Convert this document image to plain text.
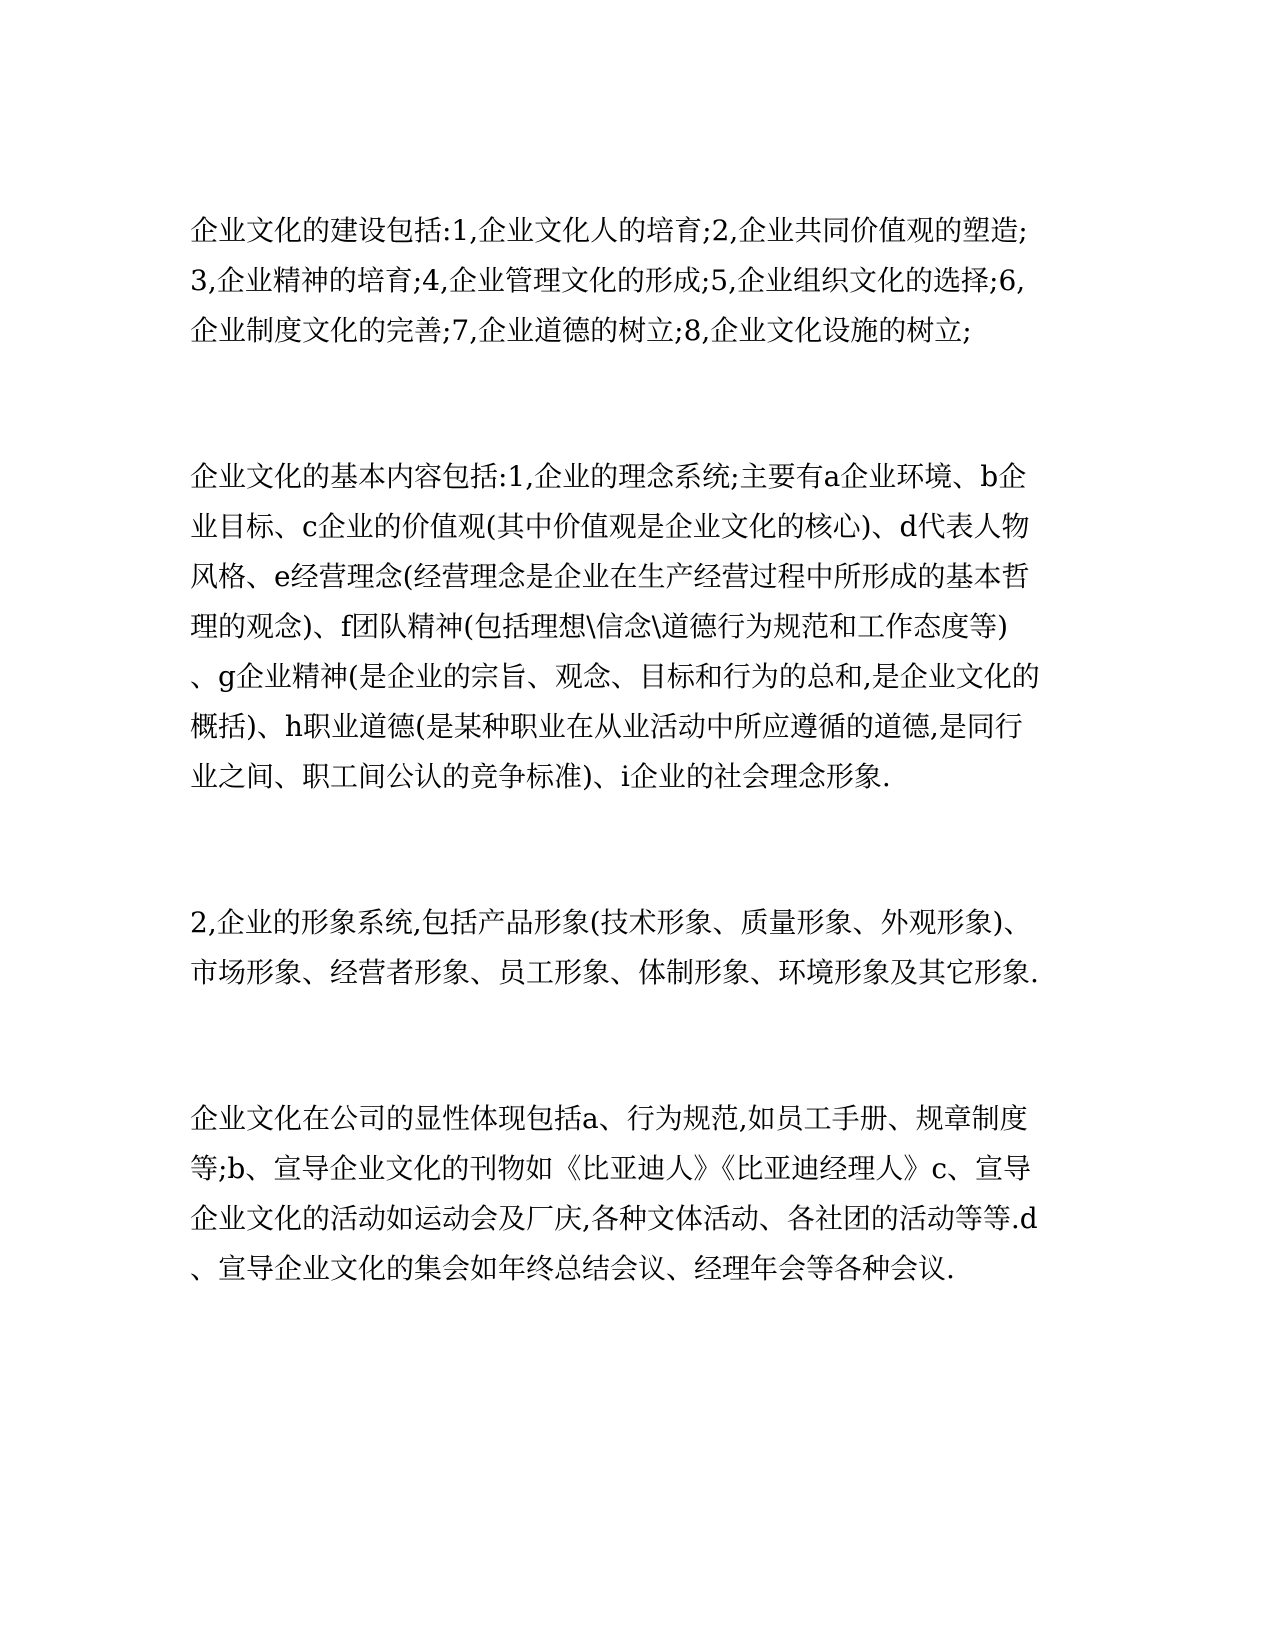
企业文化的建设包括:1,企业文化人的培育;2,企业共同价值观的塑造;
3,企业精神的培育;4,企业管理文化的形成;5,企业组织文化的选择;6,
企业制度文化的完善;7,企业道德的树立;8,企业文化设施的树立;
企业文化的基本内容包括:1,企业的理念系统;主要有a企业环境、b企
业目标、c企业的价值观(其中价值观是企业文化的核心)、d代表人物
风格、e经营理念(经营理念是企业在生产经营过程中所形成的基本哲
理的观念)、f团队精神(包括理想\信念\道德行为规范和工作态度等)
、g企业精神(是企业的宗旨、观念、目标和行为的总和,是企业文化的
概括)、h职业道德(是某种职业在从业活动中所应遵循的道德,是同行
业之间、职工间公认的竞争标准)、i企业的社会理念形象.
2,企业的形象系统,包括产品形象(技术形象、质量形象、外观形象)、
市场形象、经营者形象、员工形象、体制形象、环境形象及其它形象.
企业文化在公司的显性体现包括a、行为规范,如员工手册、规章制度
等;b、宣导企业文化的刊物如《比亚迪人》《比亚迪经理人》c、宣导
企业文化的活动如运动会及厂庆,各种文体活动、各社团的活动等等.d
、宣导企业文化的集会如年终总结会议、经理年会等各种会议.
